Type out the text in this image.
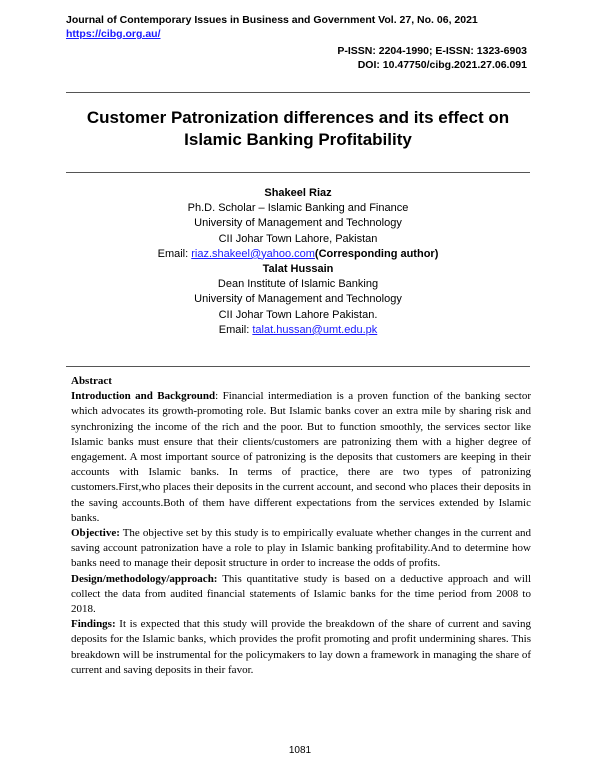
Journal of Contemporary Issues in Business and Government Vol. 27, No. 06, 2021
https://cibg.org.au/
P-ISSN: 2204-1990; E-ISSN: 1323-6903
DOI: 10.47750/cibg.2021.27.06.091
Customer Patronization differences and its effect on
Islamic Banking Profitability
Shakeel Riaz
Ph.D. Scholar – Islamic Banking and Finance
University of Management and Technology
CII Johar Town Lahore, Pakistan
Email: riaz.shakeel@yahoo.com(Corresponding author)
Talat Hussain
Dean Institute of Islamic Banking
University of Management and Technology
CII Johar Town Lahore Pakistan.
Email: talat.hussan@umt.edu.pk

Abstract

Introduction and Background: Financial intermediation is a proven function of the banking sector which advocates its growth-promoting role. But Islamic banks cover an extra mile by sharing risk and synchronizing the income of the rich and the poor. But to function smoothly, the services sector like Islamic banks must ensure that their clients/customers are patronizing them with a higher degree of engagement. A most important source of patronizing is the deposits that customers are keeping in their accounts with Islamic banks. In terms of practice, there are two types of patronizing customers.First,who places their deposits in the current account, and second who places their deposits in the saving accounts.Both of them have different expectations from the services extended by Islamic banks.

Objective: The objective set by this study is to empirically evaluate whether changes in the current and saving account patronization have a role to play in Islamic banking profitability.And to determine how banks need to manage their deposit structure in order to increase the odds of profits.

Design/methodology/approach: This quantitative study is based on a deductive approach and will collect the data from audited financial statements of Islamic banks for the time period from 2008 to 2018.

Findings: It is expected that this study will provide the breakdown of the share of current and saving deposits for the Islamic banks, which provides the profit promoting and profit undermining shares. This breakdown will be instrumental for the policymakers to lay down a framework in managing the share of current and saving deposits in their favor.

1081
